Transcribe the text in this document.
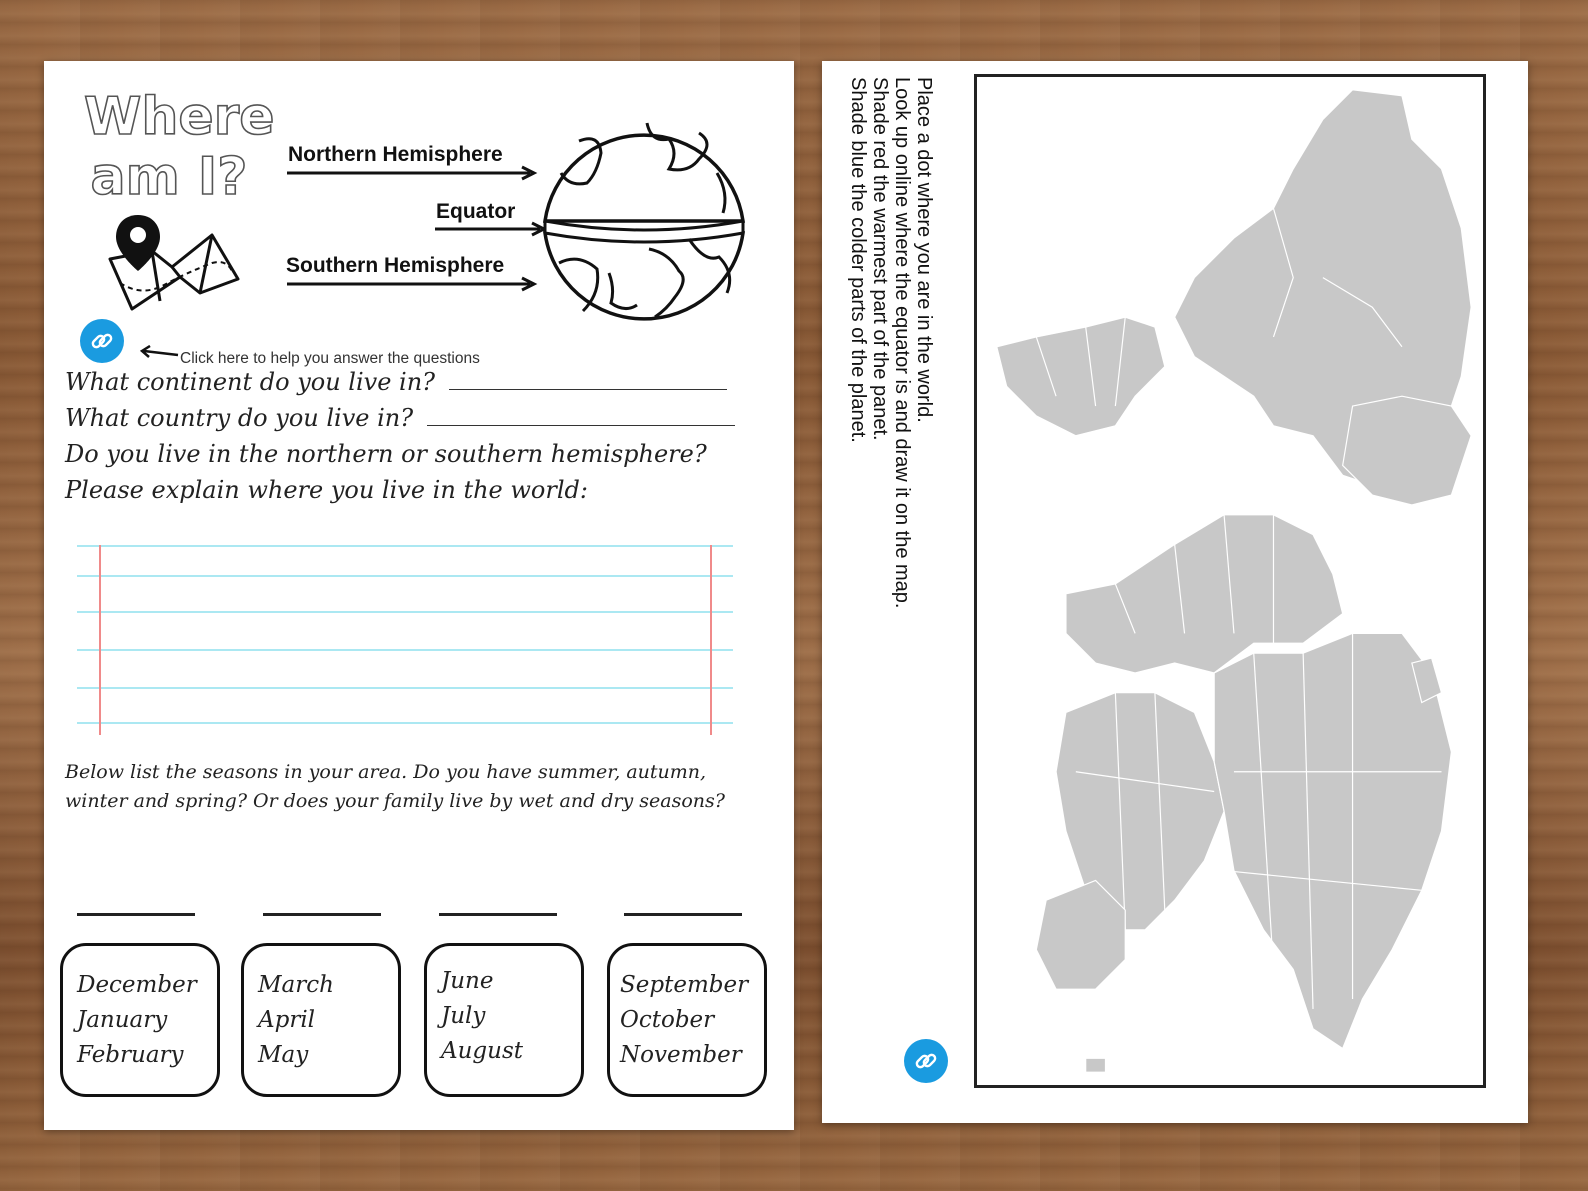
Where
am I?	Northern Hemisphere
Equator
Southern Hemisphere
Click here to help you answer the questions
What continent do you live in?
What country do you live in?
Do you live in the northern or southern hemisphere?
Please explain where you live in the world:
Below list the seasons in your area. Do you have summer, autumn,
winter and spring? Or does your family live by wet and dry seasons?
December
January
February
March
April
May
June
July
August
September
October
November
Place a dot where you are in the world.
Look up online where the equator is and draw it on the map.
Shade red the warmest part of the panet.
Shade blue the colder parts of the planet.
